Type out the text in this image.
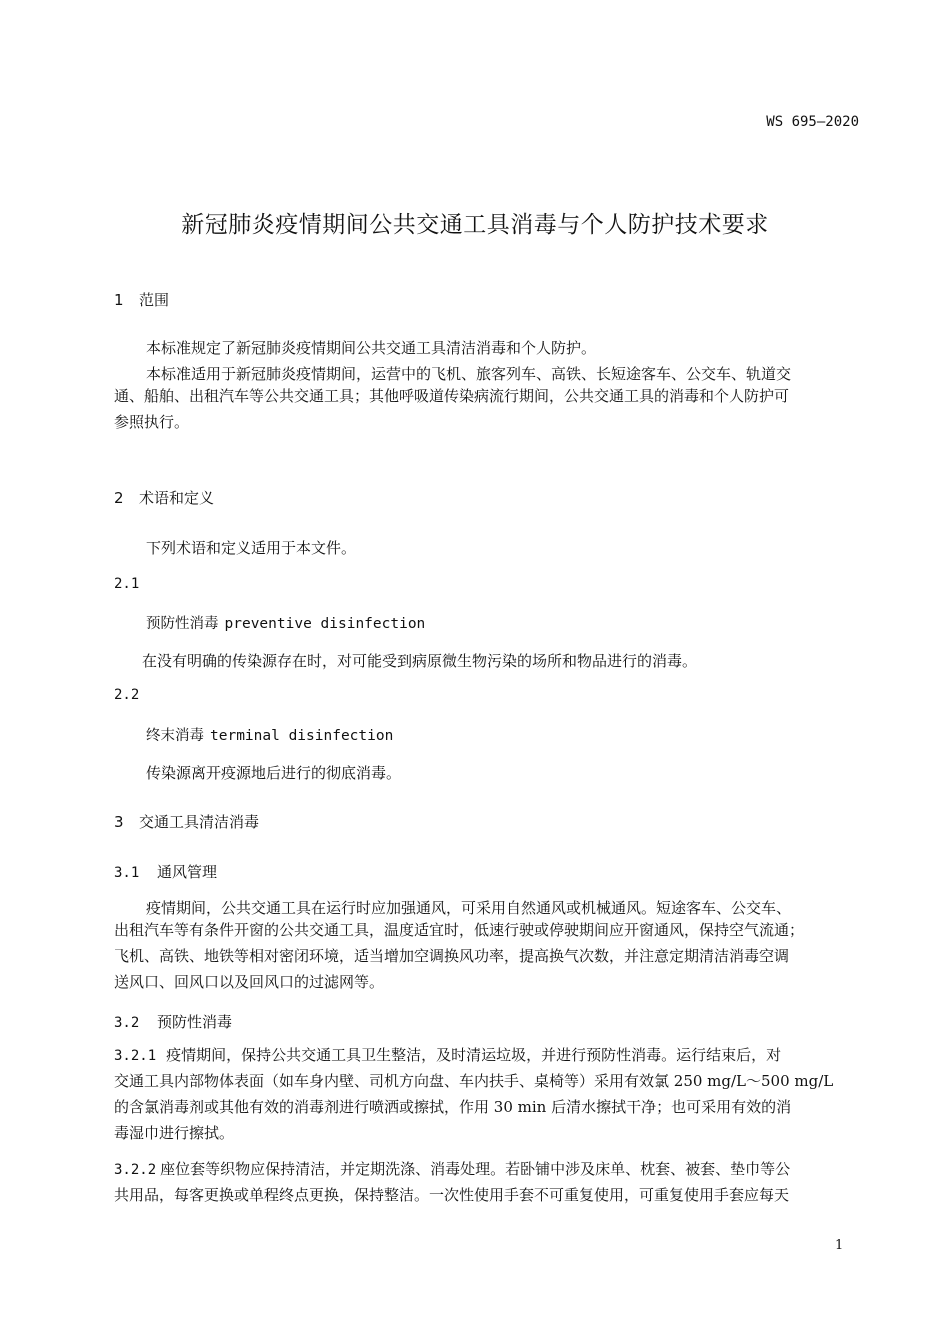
WS 695—2020
新冠肺炎疫情期间公共交通工具消毒与个人防护技术要求
1 范围
本标准规定了新冠肺炎疫情期间公共交通工具清洁消毒和个人防护。
本标准适用于新冠肺炎疫情期间，运营中的飞机、旅客列车、高铁、长短途客车、公交车、轨道交
通、船舶、出租汽车等公共交通工具；其他呼吸道传染病流行期间，公共交通工具的消毒和个人防护可
参照执行。
2 术语和定义
下列术语和定义适用于本文件。
2.1
预防性消毒 preventive disinfection
在没有明确的传染源存在时，对可能受到病原微生物污染的场所和物品进行的消毒。
2.2
终末消毒 terminal disinfection
传染源离开疫源地后进行的彻底消毒。
3 交通工具清洁消毒
3.1 通风管理
疫情期间，公共交通工具在运行时应加强通风，可采用自然通风或机械通风。短途客车、公交车、
出租汽车等有条件开窗的公共交通工具，温度适宜时，低速行驶或停驶期间应开窗通风，保持空气流通；
飞机、高铁、地铁等相对密闭环境，适当增加空调换风功率，提高换气次数，并注意定期清洁消毒空调
送风口、回风口以及回风口的过滤网等。
3.2 预防性消毒
3.2.1 疫情期间，保持公共交通工具卫生整洁，及时清运垃圾，并进行预防性消毒。运行结束后，对
交通工具内部物体表面（如车身内壁、司机方向盘、车内扶手、桌椅等）采用有效氯 250 mg/L～500 mg/L
的含氯消毒剂或其他有效的消毒剂进行喷洒或擦拭，作用 30 min 后清水擦拭干净；也可采用有效的消
毒湿巾进行擦拭。
3.2.2 座位套等织物应保持清洁，并定期洗涤、消毒处理。若卧铺中涉及床单、枕套、被套、垫巾等公
共用品，每客更换或单程终点更换，保持整洁。一次性使用手套不可重复使用，可重复使用手套应每天
1
